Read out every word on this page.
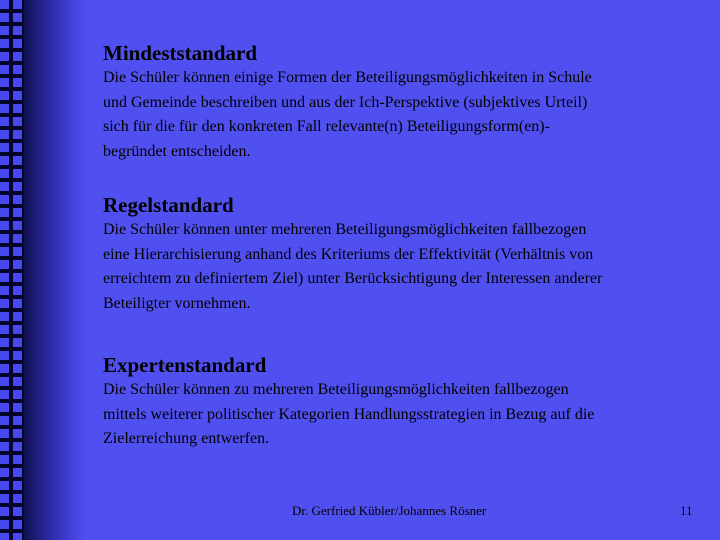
Mindeststandard

Die Schüler können einige Formen der Beteiligungsmöglichkeiten in Schule
und Gemeinde beschreiben und aus der Ich-Perspektive (subjektives Urteil)
sich für die für den konkreten Fall relevante(n) Beteiligungsform(en)-
begründet entscheiden.

Regelstandard

Die Schüler können unter mehreren Beteiligungsmöglichkeiten fallbezogen
eine Hierarchisierung anhand des Kriteriums der Effektivität (Verhältnis von
erreichtem zu definiertem Ziel) unter Berücksichtigung der Interessen anderer
Beteiligter vornehmen.

Expertenstandard

Die Schüler können zu mehreren Beteiligungsmöglichkeiten fallbezogen
mittels weiterer politischer Kategorien Handlungsstrategien in Bezug auf die
Zielerreichung entwerfen.

Dr. Gerfried Kübler/Johannes Rösner	11
